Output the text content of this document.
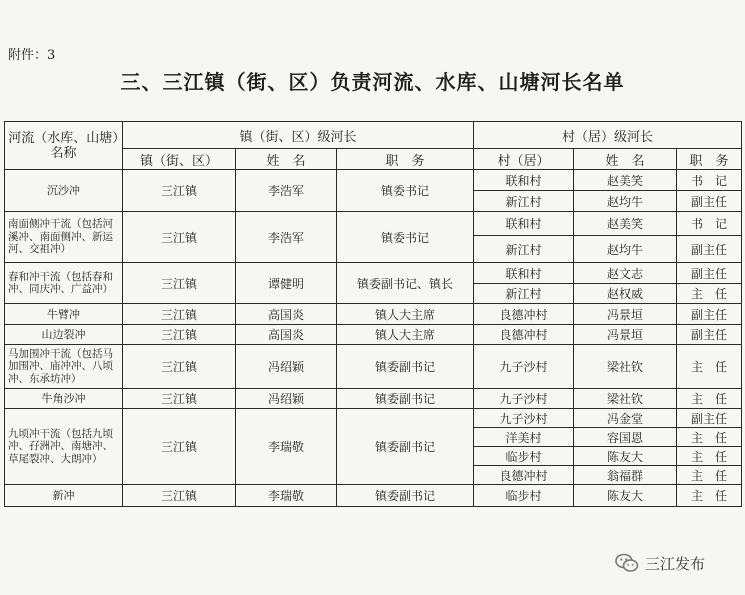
附件：3
三、三江镇（街、区）负责河流、水库、山塘河长名单
河流（水库、山塘）名称	镇（街、区）级河长			村（居）级河长		
	镇（街、区）	姓　名	职　务	村（居）	姓　名	职　务
沉沙冲	三江镇	李浩军	镇委书记	联和村	赵美笑	书　记
				新江村	赵均牛	副主任
南面侧冲干流（包括河溪冲、南面侧冲、新运河、交祖冲）	三江镇	李浩军	镇委书记	联和村	赵美笑	书　记
				新江村	赵均牛	副主任
春和冲干流（包括春和冲、同庆冲、广益冲）	三江镇	谭健明	镇委副书记、镇长	联和村	赵文志	副主任
				新江村	赵权威	主　任
牛臂冲	三江镇	高国炎	镇人大主席	良德冲村	冯景垣	副主任
山边裂冲	三江镇	高国炎	镇人大主席	良德冲村	冯景垣	副主任
马加围冲干流（包括马加围冲、庙冲冲、八顷冲、东承坊冲）	三江镇	冯绍颖	镇委副书记	九子沙村	梁社钦	主　任
牛角沙冲	三江镇	冯绍颖	镇委副书记	九子沙村	梁社钦	主　任
九顷冲干流（包括九顷冲、孖洲冲、南塘冲、草尾裂冲、大朗冲）	三江镇	李瑞敬	镇委副书记	九子沙村	冯金堂	副主任
				洋美村	容国恩	主　任
				临步村	陈友大	主　任
				良德冲村	翁福群	主　任
新冲	三江镇	李瑞敬	镇委副书记	临步村	陈友大	主　任
三江发布
